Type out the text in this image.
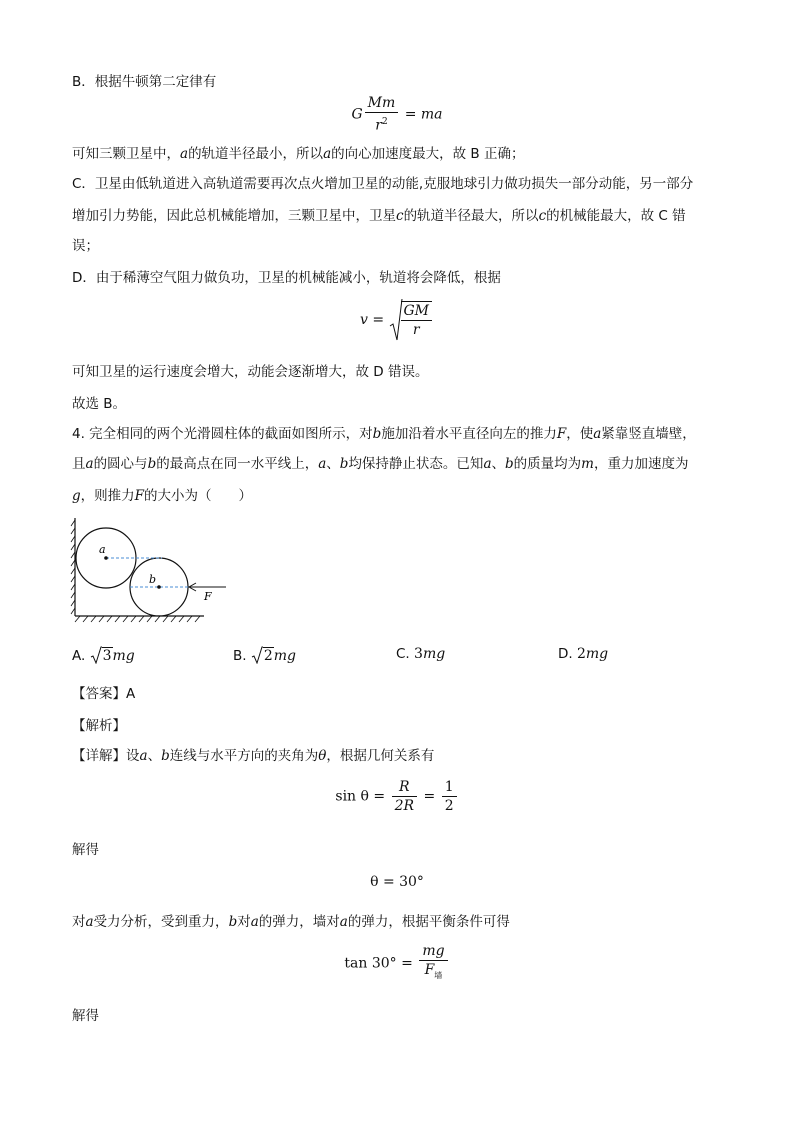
B．根据牛顿第二定律有
G $\frac{Mm}{r^2}$ = ma
可知三颗卫星中，a的轨道半径最小，所以a的向心加速度最大，故 B 正确；
C．卫星由低轨道进入高轨道需要再次点火增加卫星的动能,克服地球引力做功损失一部分动能，另一部分
增加引力势能，因此总机械能增加，三颗卫星中，卫星c的轨道半径最大，所以c的机械能最大，故 C 错
误；
D．由于稀薄空气阻力做负功，卫星的机械能减小，轨道将会降低，根据
$v = \frac{GM}{r}$
可知卫星的运行速度会增大，动能会逐渐增大，故 D 错误。
故选 B。
4. 完全相同的两个光滑圆柱体的截面如图所示，对b施加沿着水平直径向左的推力F，使a紧靠竖直墙壁，
且a的圆心与b的最高点在同一水平线上，a、b均保持静止状态。已知a、b的质量均为m，重力加速度为
g，则推力F的大小为（　　）
a
b
F
A. 3mg	B. 2mg	C. 3mg	D. 2mg
【答案】A
【解析】
【详解】设a、b连线与水平方向的夹角为θ，根据几何关系有
$\sin \theta = \frac{R}{2R} = \frac{1}{2}$
解得
θ = 30°
对a受力分析，受到重力，b对a的弹力，墙对a的弹力，根据平衡条件可得
$\tan 30^\circ = \frac{mg}{F_墙}$
解得
